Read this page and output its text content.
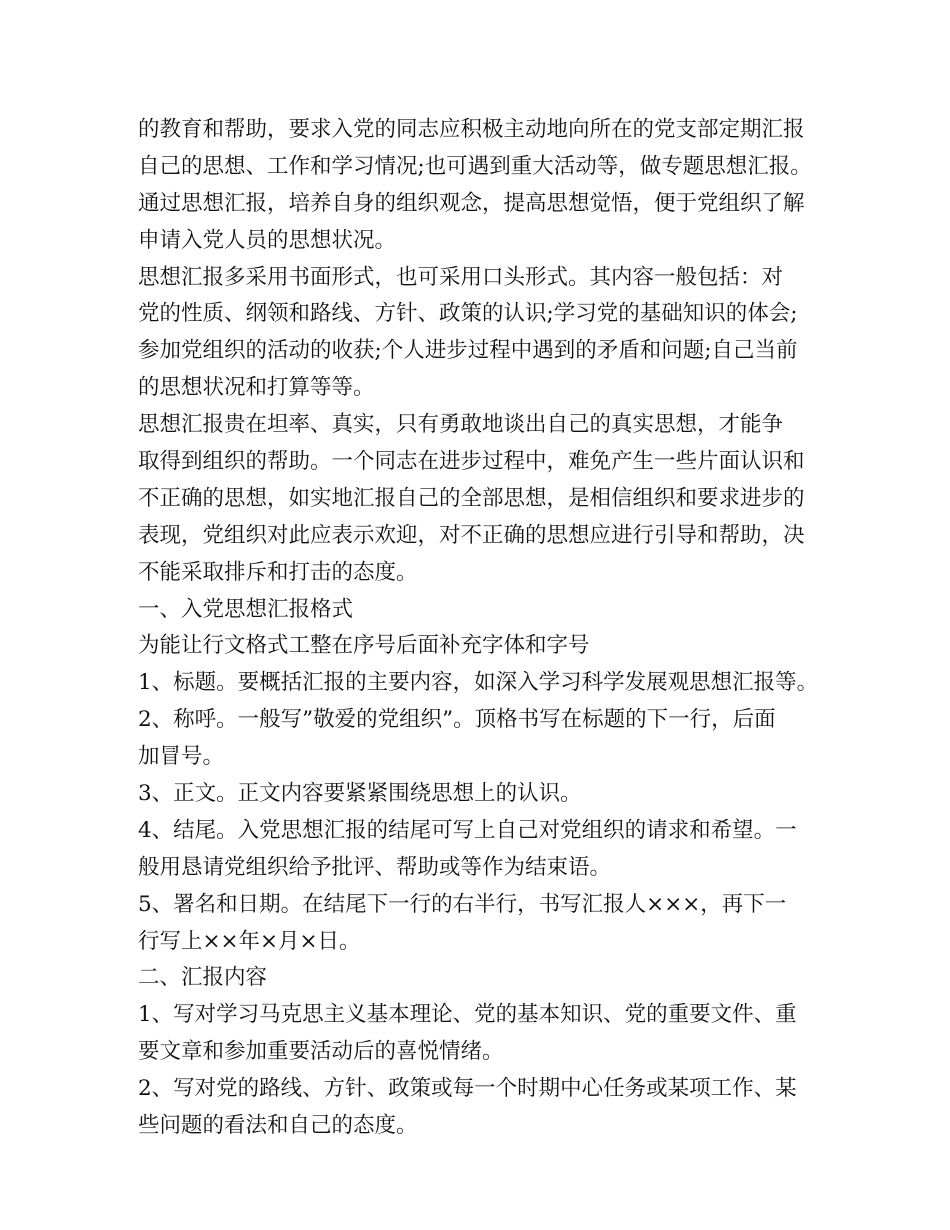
的教育和帮助，要求入党的同志应积极主动地向所在的党支部定期汇报
自己的思想、工作和学习情况;也可遇到重大活动等，做专题思想汇报。
通过思想汇报，培养自身的组织观念，提高思想觉悟，便于党组织了解
申请入党人员的思想状况。
思想汇报多采用书面形式，也可采用口头形式。其内容一般包括：对
党的性质、纲领和路线、方针、政策的认识;学习党的基础知识的体会;
参加党组织的活动的收获;个人进步过程中遇到的矛盾和问题;自己当前
的思想状况和打算等等。
思想汇报贵在坦率、真实，只有勇敢地谈出自己的真实思想，才能争
取得到组织的帮助。一个同志在进步过程中，难免产生一些片面认识和
不正确的思想，如实地汇报自己的全部思想，是相信组织和要求进步的
表现，党组织对此应表示欢迎，对不正确的思想应进行引导和帮助，决
不能采取排斥和打击的态度。
一、入党思想汇报格式
为能让行文格式工整在序号后面补充字体和字号
1、标题。要概括汇报的主要内容，如深入学习科学发展观思想汇报等。
2、称呼。一般写”敬爱的党组织”。顶格书写在标题的下一行，后面
加冒号。
3、正文。正文内容要紧紧围绕思想上的认识。
4、结尾。入党思想汇报的结尾可写上自己对党组织的请求和希望。一
般用恳请党组织给予批评、帮助或等作为结束语。
5、署名和日期。在结尾下一行的右半行，书写汇报人×××，再下一
行写上××年×月×日。
二、汇报内容
1、写对学习马克思主义基本理论、党的基本知识、党的重要文件、重
要文章和参加重要活动后的喜悦情绪。
2、写对党的路线、方针、政策或每一个时期中心任务或某项工作、某
些问题的看法和自己的态度。
